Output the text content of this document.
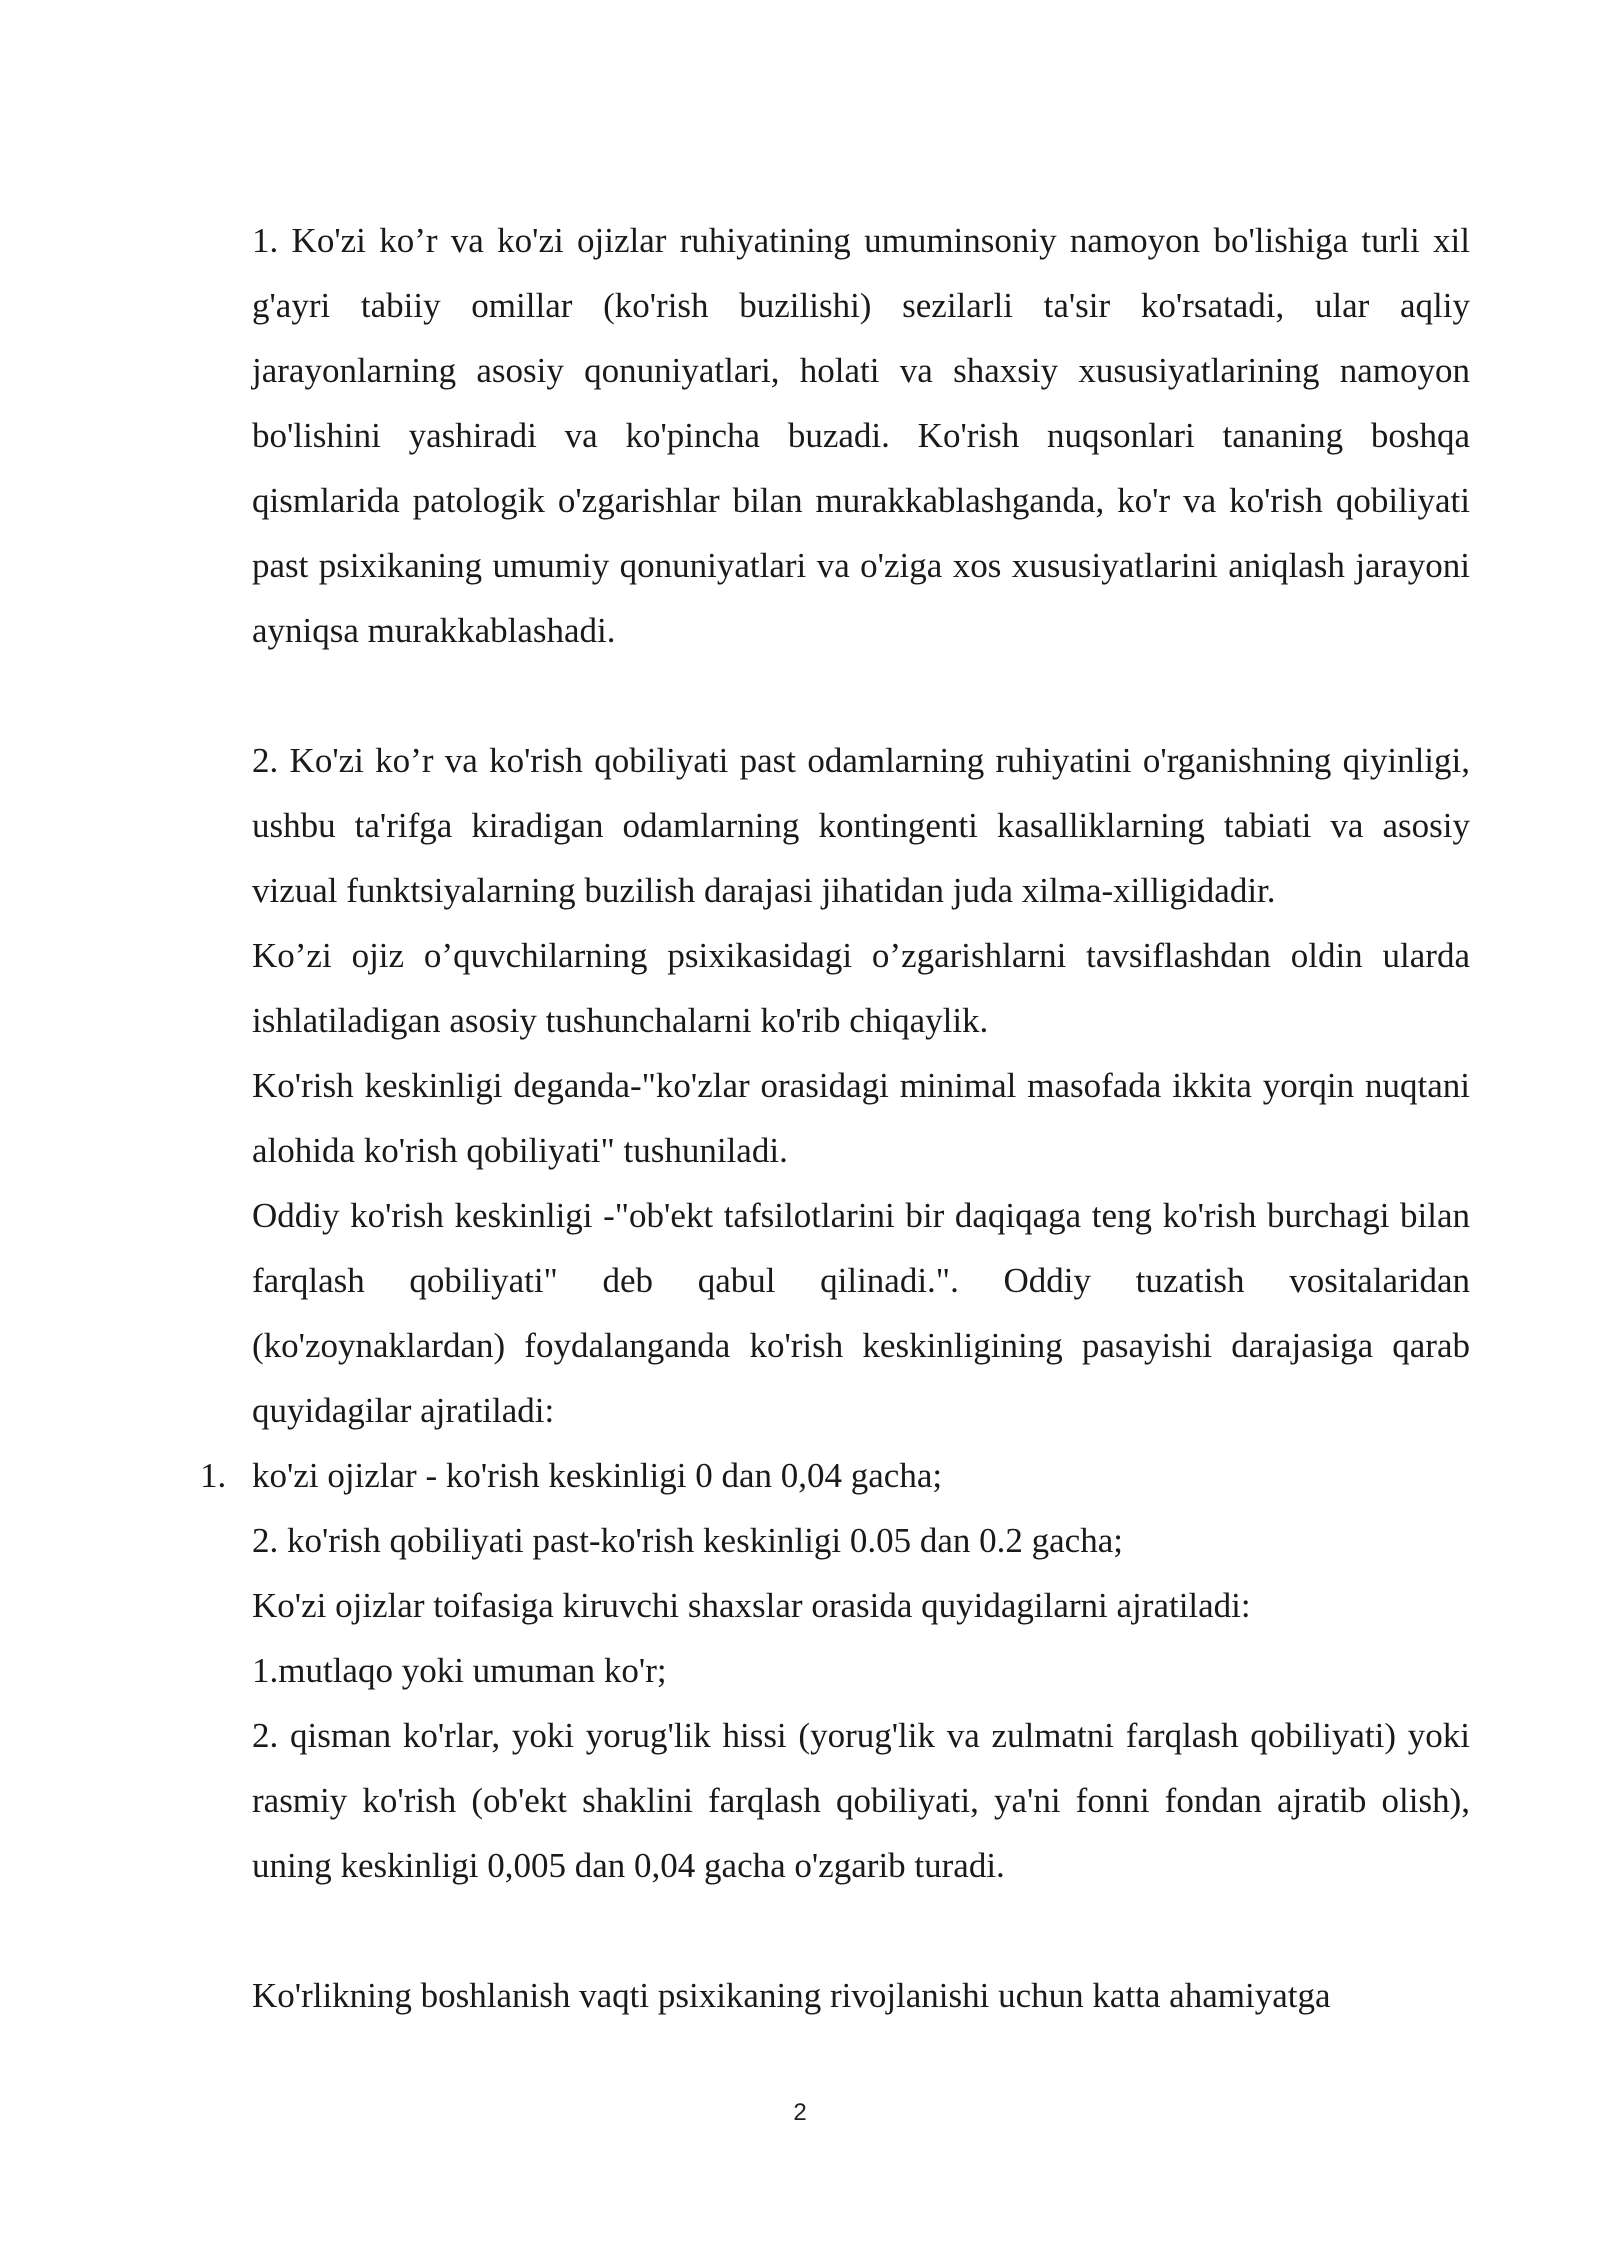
1. Ko'zi ko’r va ko'zi ojizlar ruhiyatining umuminsoniy namoyon bo'lishiga turli xil g'ayri tabiiy omillar (ko'rish buzilishi) sezilarli ta'sir ko'rsatadi, ular aqliy jarayonlarning asosiy qonuniyatlari, holati va shaxsiy xususiyatlarining namoyon bo'lishini yashiradi va ko'pincha buzadi. Ko'rish nuqsonlari tananing boshqa qismlarida patologik o'zgarishlar bilan murakkablashganda, ko'r va ko'rish qobiliyati past psixikaning umumiy qonuniyatlari va o'ziga xos xususiyatlarini aniqlash jarayoni ayniqsa murakkablashadi.

2. Ko'zi ko’r va ko'rish qobiliyati past odamlarning ruhiyatini o'rganishning qiyinligi, ushbu ta'rifga kiradigan odamlarning kontingenti kasalliklarning tabiati va asosiy vizual funktsiyalarning buzilish darajasi jihatidan juda xilma-xilligidadir.

Ko’zi ojiz o’quvchilarning psixikasidagi o’zgarishlarni tavsiflashdan oldin ularda ishlatiladigan asosiy tushunchalarni ko'rib chiqaylik.

Ko'rish keskinligi deganda-"ko'zlar orasidagi minimal masofada ikkita yorqin nuqtani alohida ko'rish qobiliyati" tushuniladi.

Oddiy ko'rish keskinligi -"ob'ekt tafsilotlarini bir daqiqaga teng ko'rish burchagi bilan farqlash qobiliyati" deb qabul qilinadi.". Oddiy tuzatish vositalaridan (ko'zoynaklardan) foydalanganda ko'rish keskinligining pasayishi darajasiga qarab quyidagilar ajratiladi:

1. ko'zi ojizlar - ko'rish keskinligi 0 dan 0,04 gacha;

2. ko'rish qobiliyati past-ko'rish keskinligi 0.05 dan 0.2 gacha;

Ko'zi ojizlar toifasiga kiruvchi shaxslar orasida quyidagilarni ajratiladi:

1.mutlaqo yoki umuman ko'r;

2. qisman ko'rlar, yoki yorug'lik hissi (yorug'lik va zulmatni farqlash qobiliyati) yoki rasmiy ko'rish (ob'ekt shaklini farqlash qobiliyati, ya'ni fonni fondan ajratib olish), uning keskinligi 0,005 dan 0,04 gacha o'zgarib turadi.

Ko'rlikning boshlanish vaqti psixikaning rivojlanishi uchun katta ahamiyatga

2
